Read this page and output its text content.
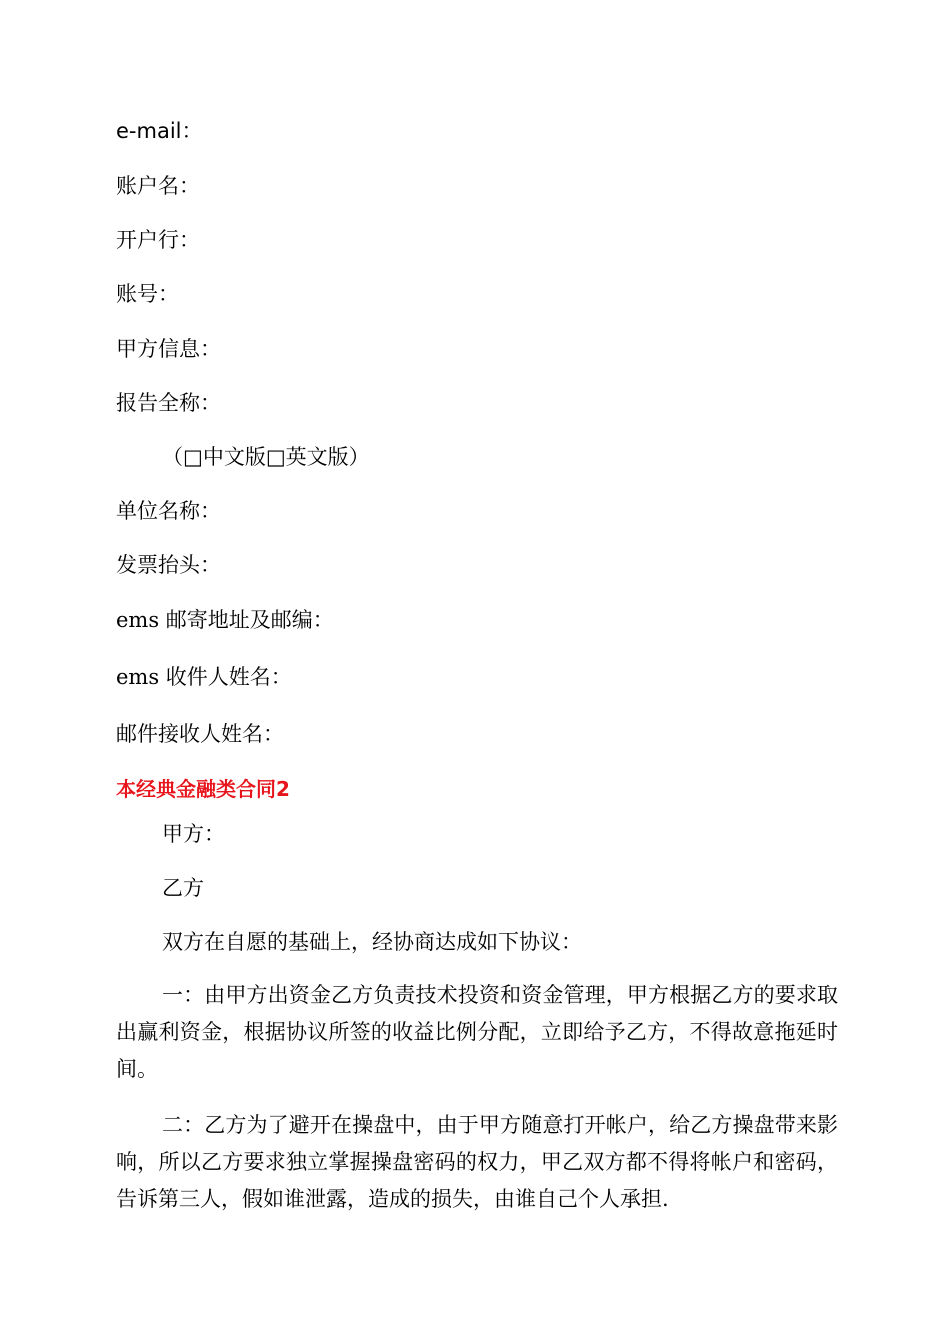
e-mail：
账户名：
开户行：
账号：
甲方信息：
报告全称：
（□中文版□英文版）
单位名称：
发票抬头：
ems 邮寄地址及邮编：
ems 收件人姓名：
邮件接收人姓名：
本经典金融类合同2
甲方：
乙方
双方在自愿的基础上，经协商达成如下协议：
一：由甲方出资金乙方负责技术投资和资金管理，甲方根据乙方的要求取出赢利资金，根据协议所签的收益比例分配，立即给予乙方，不得故意拖延时间。
二：乙方为了避开在操盘中，由于甲方随意打开帐户，给乙方操盘带来影响，所以乙方要求独立掌握操盘密码的权力，甲乙双方都不得将帐户和密码，告诉第三人，假如谁泄露，造成的损失，由谁自己个人承担.
